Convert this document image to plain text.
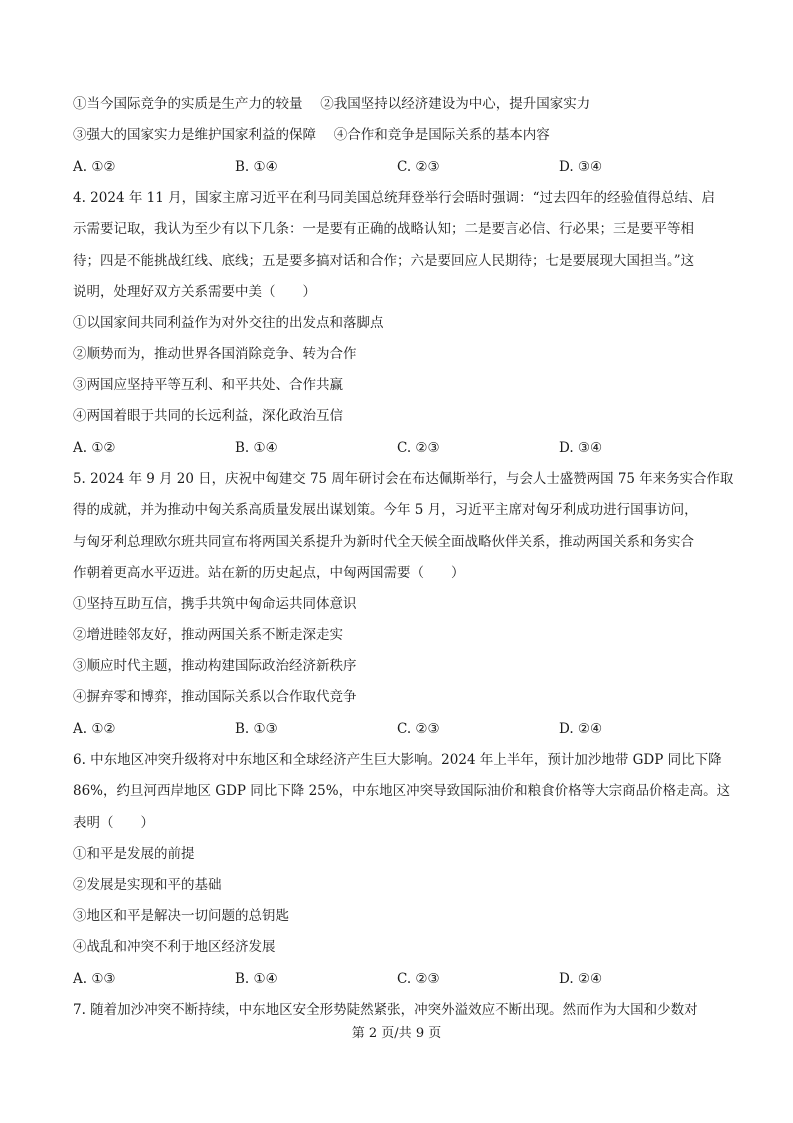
①当今国际竞争的实质是生产力的较量　 ②我国坚持以经济建设为中心，提升国家实力
③强大的国家实力是维护国家利益的保障　 ④合作和竞争是国际关系的基本内容
A. ①②	B. ①④	C. ②③	D. ③④
4. 2024 年 11 月，国家主席习近平在利马同美国总统拜登举行会晤时强调：“过去四年的经验值得总结、启
示需要记取，我认为至少有以下几条：一是要有正确的战略认知；二是要言必信、行必果；三是要平等相
待；四是不能挑战红线、底线；五是要多搞对话和合作；六是要回应人民期待；七是要展现大国担当。”这
说明，处理好双方关系需要中美（　　）
①以国家间共同利益作为对外交往的出发点和落脚点
②顺势而为，推动世界各国消除竞争、转为合作
③两国应坚持平等互利、和平共处、合作共赢
④两国着眼于共同的长远利益，深化政治互信
A. ①②	B. ①④	C. ②③	D. ③④
5. 2024 年 9 月 20 日，庆祝中匈建交 75 周年研讨会在布达佩斯举行，与会人士盛赞两国 75 年来务实合作取
得的成就，并为推动中匈关系高质量发展出谋划策。今年 5 月，习近平主席对匈牙利成功进行国事访问，
与匈牙利总理欧尔班共同宣布将两国关系提升为新时代全天候全面战略伙伴关系，推动两国关系和务实合
作朝着更高水平迈进。站在新的历史起点，中匈两国需要（　　）
①坚持互助互信，携手共筑中匈命运共同体意识
②增进睦邻友好，推动两国关系不断走深走实
③顺应时代主题，推动构建国际政治经济新秩序
④摒弃零和博弈，推动国际关系以合作取代竞争
A. ①②	B. ①③	C. ②③	D. ②④
6. 中东地区冲突升级将对中东地区和全球经济产生巨大影响。2024 年上半年，预计加沙地带 GDP 同比下降
86%，约旦河西岸地区 GDP 同比下降 25%，中东地区冲突导致国际油价和粮食价格等大宗商品价格走高。这
表明（　　）
①和平是发展的前提
②发展是实现和平的基础
③地区和平是解决一切问题的总钥匙
④战乱和冲突不利于地区经济发展
A. ①③	B. ①④	C. ②③	D. ②④
7. 随着加沙冲突不断持续，中东地区安全形势陡然紧张，冲突外溢效应不断出现。然而作为大国和少数对
第 2 页/共 9 页
